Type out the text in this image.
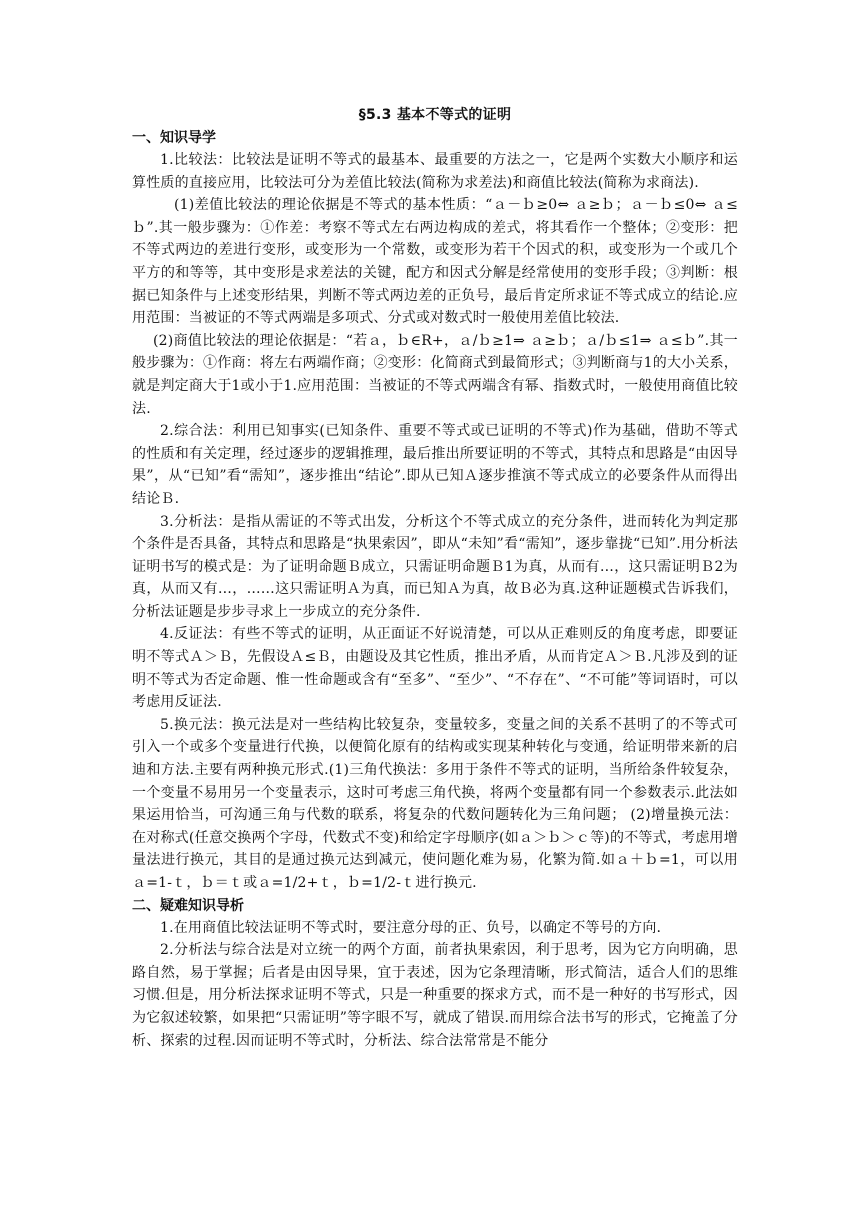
§5.3 基本不等式的证明
一、知识导学

1.比较法：比较法是证明不等式的最基本、最重要的方法之一，它是两个实数大小顺序和运算性质的直接应用，比较法可分为差值比较法(简称为求差法)和商值比较法(简称为求商法).

(1)差值比较法的理论依据是不等式的基本性质：“ａ－ｂ≥0⇔ ａ≥ｂ；ａ－ｂ≤0⇔ ａ≤ｂ”.其一般步骤为：①作差：考察不等式左右两边构成的差式，将其看作一个整体；②变形：把不等式两边的差进行变形，或变形为一个常数，或变形为若干个因式的积，或变形为一个或几个平方的和等等，其中变形是求差法的关键，配方和因式分解是经常使用的变形手段；③判断：根据已知条件与上述变形结果，判断不等式两边差的正负号，最后肯定所求证不等式成立的结论.应用范围：当被证的不等式两端是多项式、分式或对数式时一般使用差值比较法.

(2)商值比较法的理论依据是：“若ａ，ｂ∈R+，ａ/ｂ≥1⇒ ａ≥ｂ；ａ/ｂ≤1⇒ ａ≤ｂ”.其一般步骤为：①作商：将左右两端作商；②变形：化简商式到最简形式；③判断商与1的大小关系，就是判定商大于1或小于1.应用范围：当被证的不等式两端含有幂、指数式时，一般使用商值比较法.

2.综合法：利用已知事实(已知条件、重要不等式或已证明的不等式)作为基础，借助不等式的性质和有关定理，经过逐步的逻辑推理，最后推出所要证明的不等式，其特点和思路是“由因导果”，从“已知”看“需知”，逐步推出“结论”.即从已知Ａ逐步推演不等式成立的必要条件从而得出结论Ｂ.

3.分析法：是指从需证的不等式出发，分析这个不等式成立的充分条件，进而转化为判定那个条件是否具备，其特点和思路是“执果索因”，即从“未知”看“需知”，逐步靠拢“已知”.用分析法证明书写的模式是：为了证明命题Ｂ成立，只需证明命题Ｂ1为真，从而有…，这只需证明Ｂ2为真，从而又有…，……这只需证明Ａ为真，而已知Ａ为真，故Ｂ必为真.这种证题模式告诉我们，分析法证题是步步寻求上一步成立的充分条件.

4.反证法：有些不等式的证明，从正面证不好说清楚，可以从正难则反的角度考虑，即要证明不等式Ａ＞Ｂ，先假设Ａ≤Ｂ，由题设及其它性质，推出矛盾，从而肯定Ａ＞Ｂ.凡涉及到的证明不等式为否定命题、惟一性命题或含有“至多”、“至少”、“不存在”、“不可能”等词语时，可以考虑用反证法.

5.换元法：换元法是对一些结构比较复杂，变量较多，变量之间的关系不甚明了的不等式可引入一个或多个变量进行代换，以便简化原有的结构或实现某种转化与变通，给证明带来新的启迪和方法.主要有两种换元形式.(1)三角代换法：多用于条件不等式的证明，当所给条件较复杂，一个变量不易用另一个变量表示，这时可考虑三角代换，将两个变量都有同一个参数表示.此法如果运用恰当，可沟通三角与代数的联系，将复杂的代数问题转化为三角问题； (2)增量换元法：在对称式(任意交换两个字母，代数式不变)和给定字母顺序(如ａ＞ｂ＞ｃ等)的不等式，考虑用增量法进行换元，其目的是通过换元达到减元，使问题化难为易，化繁为简.如ａ＋ｂ=1，可以用ａ=1-ｔ，ｂ＝ｔ或ａ=1/2+ｔ，ｂ=1/2-ｔ进行换元.

二、疑难知识导析

1.在用商值比较法证明不等式时，要注意分母的正、负号，以确定不等号的方向.

2.分析法与综合法是对立统一的两个方面，前者执果索因，利于思考，因为它方向明确，思路自然，易于掌握；后者是由因导果，宜于表述，因为它条理清晰，形式简洁，适合人们的思维习惯.但是，用分析法探求证明不等式，只是一种重要的探求方式，而不是一种好的书写形式，因为它叙述较繁，如果把“只需证明”等字眼不写，就成了错误.而用综合法书写的形式，它掩盖了分析、探索的过程.因而证明不等式时，分析法、综合法常常是不能分
